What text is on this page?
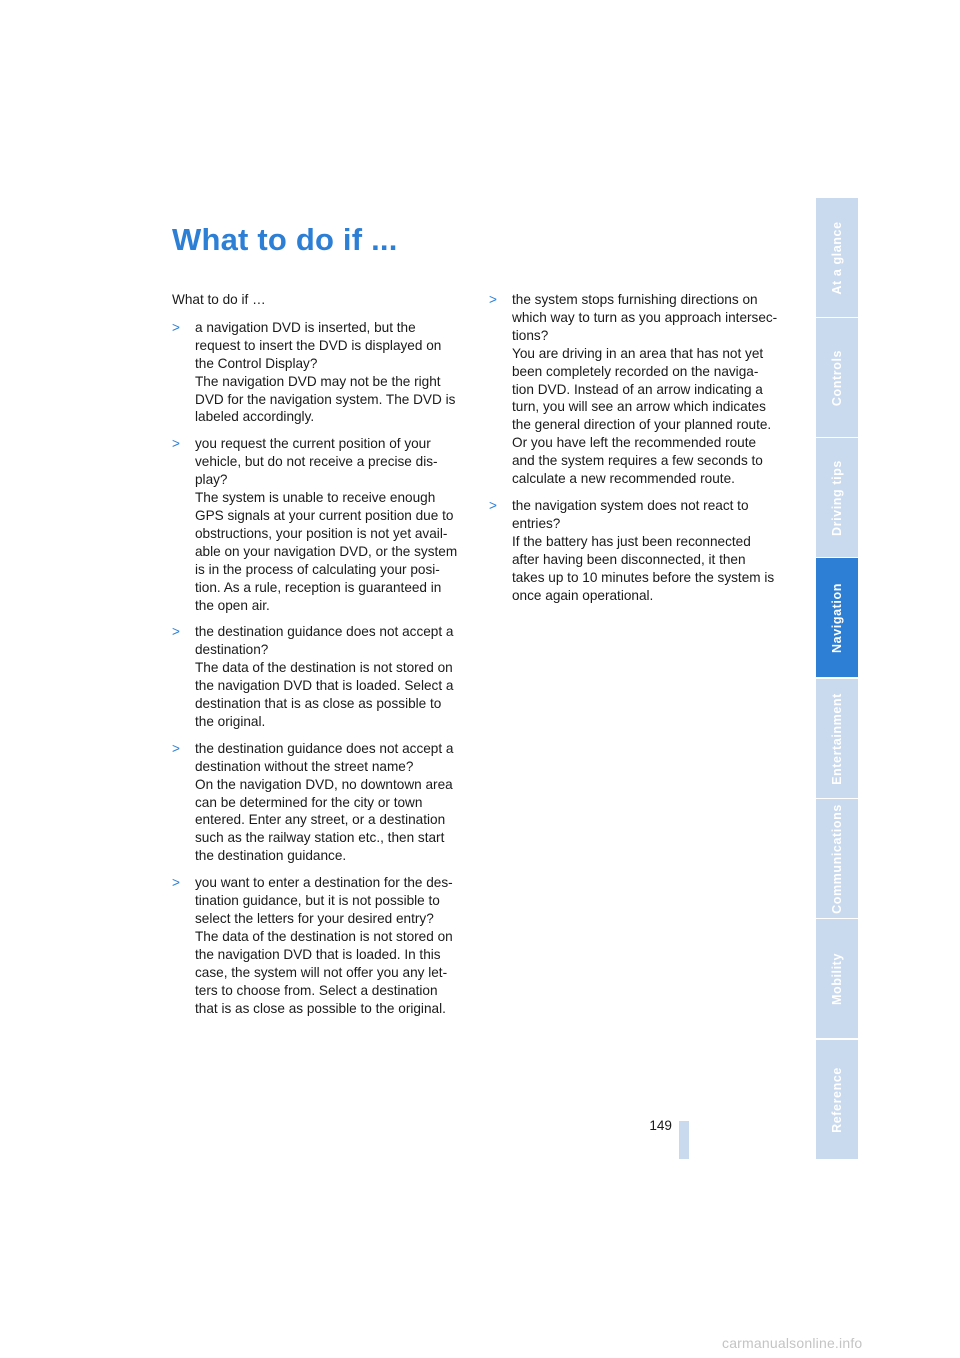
What to do if ...

What to do if …

> a navigation DVD is inserted, but the
request to insert the DVD is displayed on
the Control Display?
The navigation DVD may not be the right
DVD for the navigation system. The DVD is
labeled accordingly.
> you request the current position of your
vehicle, but do not receive a precise dis-
play?
The system is unable to receive enough
GPS signals at your current position due to
obstructions, your position is not yet avail-
able on your navigation DVD, or the system
is in the process of calculating your posi-
tion. As a rule, reception is guaranteed in
the open air.
> the destination guidance does not accept a
destination?
The data of the destination is not stored on
the navigation DVD that is loaded. Select a
destination that is as close as possible to
the original.
> the destination guidance does not accept a
destination without the street name?
On the navigation DVD, no downtown area
can be determined for the city or town
entered. Enter any street, or a destination
such as the railway station etc., then start
the destination guidance.
> you want to enter a destination for the des-
tination guidance, but it is not possible to
select the letters for your desired entry?
The data of the destination is not stored on
the navigation DVD that is loaded. In this
case, the system will not offer you any let-
ters to choose from. Select a destination
that is as close as possible to the original.
> the system stops furnishing directions on
which way to turn as you approach intersec-
tions?
You are driving in an area that has not yet
been completely recorded on the naviga-
tion DVD. Instead of an arrow indicating a
turn, you will see an arrow which indicates
the general direction of your planned route.
Or you have left the recommended route
and the system requires a few seconds to
calculate a new recommended route.
> the navigation system does not react to
entries?
If the battery has just been reconnected
after having been disconnected, it then
takes up to 10 minutes before the system is
once again operational.
At a glance
Controls
Driving tips
Navigation
Entertainment
Communications
Mobility
Reference
149
carmanualsonline.info
